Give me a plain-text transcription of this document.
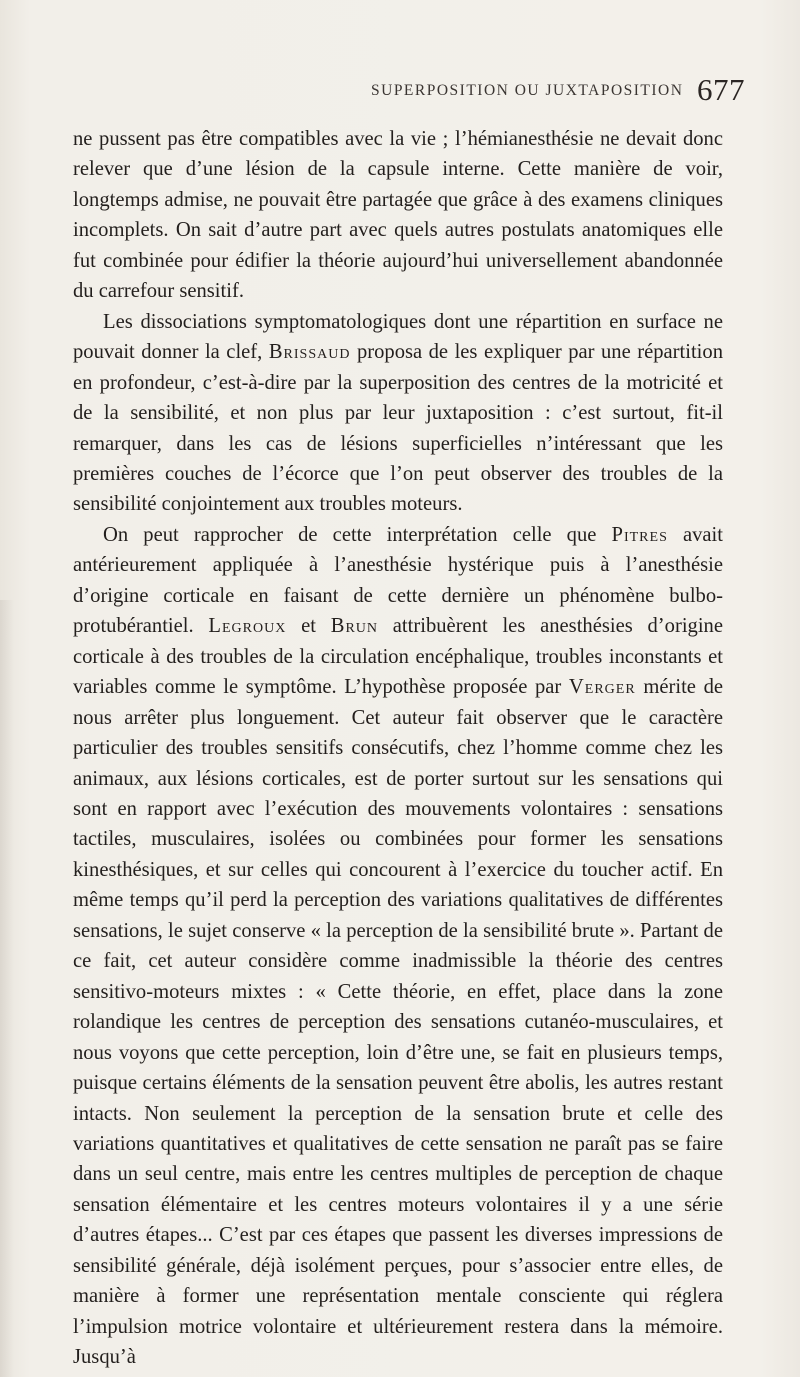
SUPERPOSITION OU JUXTAPOSITION 677

ne pussent pas être compatibles avec la vie ; l’hémianesthésie ne devait donc relever que d’une lésion de la capsule interne. Cette manière de voir, longtemps admise, ne pouvait être partagée que grâce à des examens cliniques incomplets. On sait d’autre part avec quels autres postulats anatomiques elle fut combinée pour édifier la théorie aujourd’hui universellement abandonnée du carrefour sensitif.

Les dissociations symptomatologiques dont une répartition en surface ne pouvait donner la clef, Brissaud proposa de les expliquer par une répartition en profondeur, c’est-à-dire par la superposition des centres de la motricité et de la sensibilité, et non plus par leur juxtaposition : c’est surtout, fit-il remarquer, dans les cas de lésions superficielles n’intéressant que les premières couches de l’écorce que l’on peut observer des troubles de la sensibilité conjointement aux troubles moteurs.

On peut rapprocher de cette interprétation celle que Pitres avait antérieurement appliquée à l’anesthésie hystérique puis à l’anesthésie d’origine corticale en faisant de cette dernière un phénomène bulbo-protubérantiel. Legroux et Brun attribuèrent les anesthésies d’origine corticale à des troubles de la circulation encéphalique, troubles inconstants et variables comme le symptôme. L’hypothèse proposée par Verger mérite de nous arrêter plus longuement. Cet auteur fait observer que le caractère particulier des troubles sensitifs consécutifs, chez l’homme comme chez les animaux, aux lésions corticales, est de porter surtout sur les sensations qui sont en rapport avec l’exécution des mouvements volontaires : sensations tactiles, musculaires, isolées ou combinées pour former les sensations kinesthésiques, et sur celles qui concourent à l’exercice du toucher actif. En même temps qu’il perd la perception des variations qualitatives de différentes sensations, le sujet conserve « la perception de la sensibilité brute ». Partant de ce fait, cet auteur considère comme inadmissible la théorie des centres sensitivo-moteurs mixtes : « Cette théorie, en effet, place dans la zone rolandique les centres de perception des sensations cutanéo-musculaires, et nous voyons que cette perception, loin d’être une, se fait en plusieurs temps, puisque certains éléments de la sensation peuvent être abolis, les autres restant intacts. Non seulement la perception de la sensation brute et celle des variations quantitatives et qualitatives de cette sensation ne paraît pas se faire dans un seul centre, mais entre les centres multiples de perception de chaque sensation élémentaire et les centres moteurs volontaires il y a une série d’autres étapes... C’est par ces étapes que passent les diverses impressions de sensibilité générale, déjà isolément perçues, pour s’associer entre elles, de manière à former une représentation mentale consciente qui réglera l’impulsion motrice volontaire et ultérieurement restera dans la mémoire. Jusqu’à
